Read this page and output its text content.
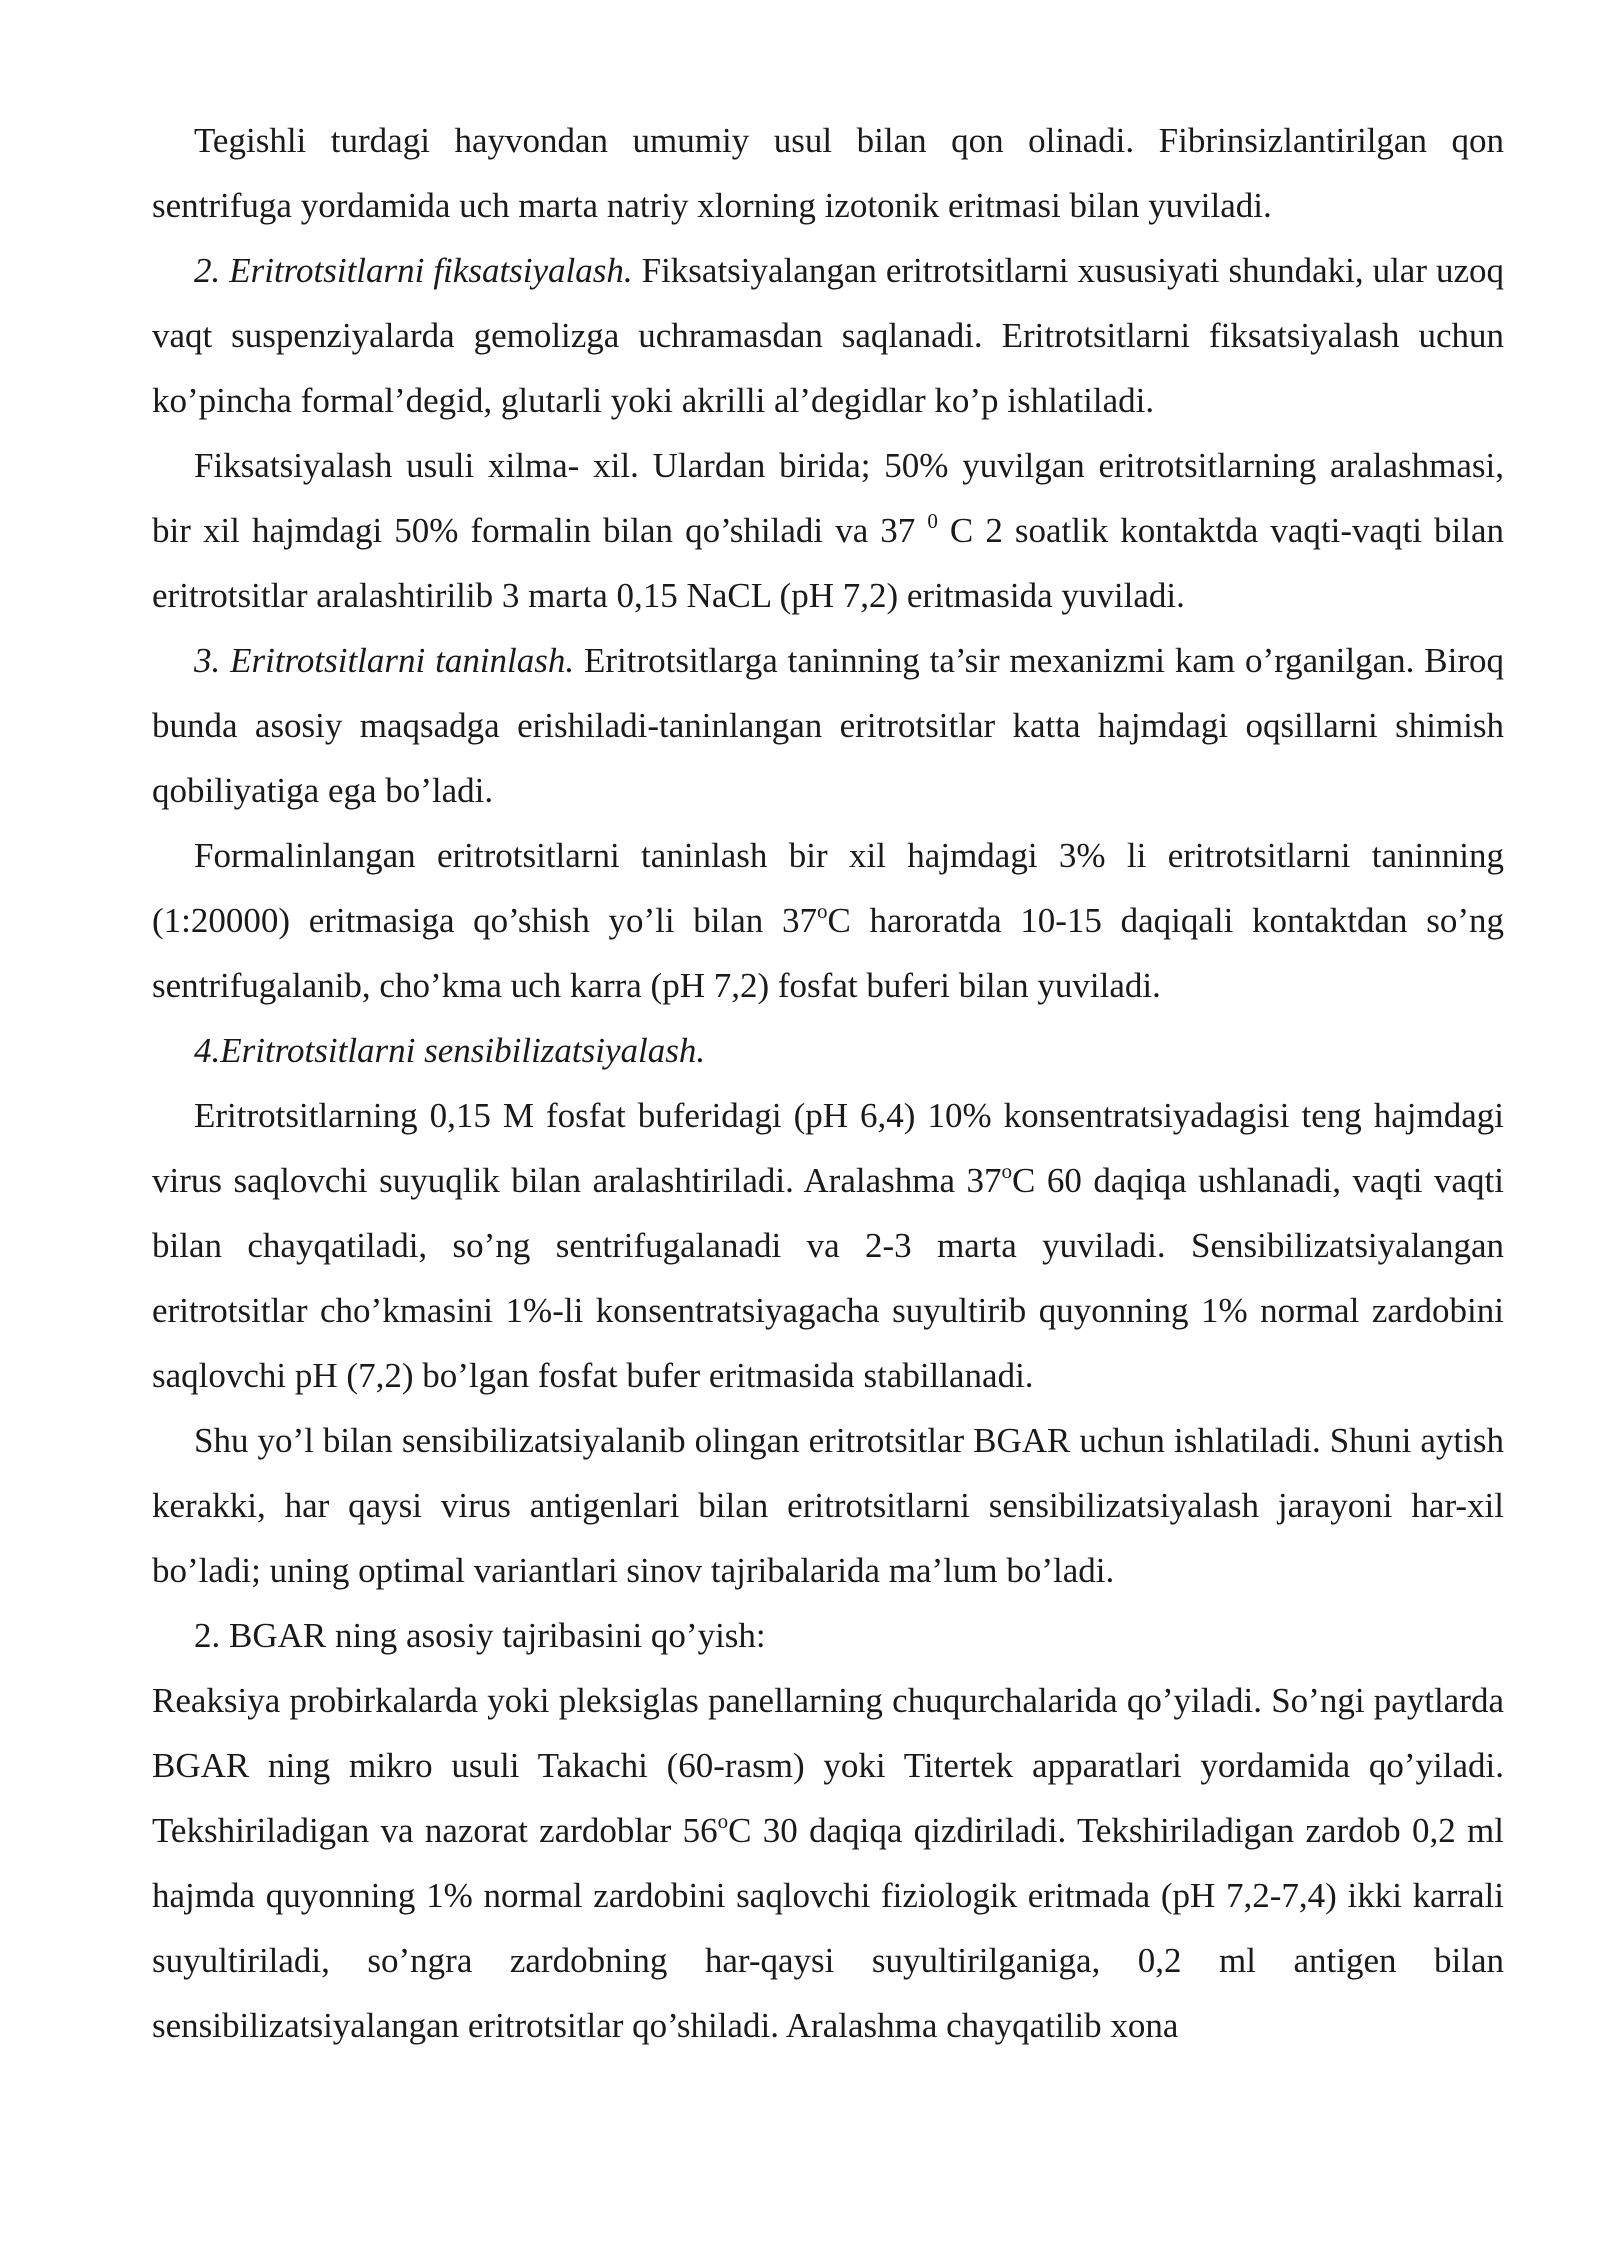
Tegishli turdagi hayvondan umumiy usul bilan qon olinadi. Fibrinsizlantirilgan qon sentrifuga yordamida uch marta natriy xlorning izotonik eritmasi bilan yuviladi.

2. Eritrotsitlarni fiksatsiyalash. Fiksatsiyalangan eritrotsitlarni xususiyati shundaki, ular uzoq vaqt suspenziyalarda gemolizga uchramasdan saqlanadi. Eritrotsitlarni fiksatsiyalash uchun ko’pincha formal’degid, glutarli yoki akrilli al’degidlar ko’p ishlatiladi.

Fiksatsiyalash usuli xilma- xil. Ulardan birida; 50% yuvilgan eritrotsitlarning aralashmasi, bir xil hajmdagi 50% formalin bilan qo’shiladi va 37 $^0$ C 2 soatlik kontaktda vaqti-vaqti bilan eritrotsitlar aralashtirilib 3 marta 0,15 NaCL (pH 7,2) eritmasida yuviladi.

3. Eritrotsitlarni taninlash. Eritrotsitlarga taninning ta’sir mexanizmi kam o’rganilgan. Biroq bunda asosiy maqsadga erishiladi-taninlangan eritrotsitlar katta hajmdagi oqsillarni shimish qobiliyatiga ega bo’ladi.

Formalinlangan eritrotsitlarni taninlash bir xil hajmdagi 3% li eritrotsitlarni taninning (1:20000) eritmasiga qo’shish yo’li bilan 37$^o$C haroratda 10-15 daqiqali kontaktdan so’ng sentrifugalanib, cho’kma uch karra (pH 7,2) fosfat buferi bilan yuviladi.

4.Eritrotsitlarni sensibilizatsiyalash.

Eritrotsitlarning 0,15 M fosfat buferidagi (pH 6,4) 10% konsentratsiyadagisi teng hajmdagi virus saqlovchi suyuqlik bilan aralashtiriladi. Aralashma 37$^o$C 60 daqiqa ushlanadi, vaqti vaqti bilan chayqatiladi, so’ng sentrifugalanadi va 2-3 marta yuviladi. Sensibilizatsiyalangan eritrotsitlar cho’kmasini 1%-li konsentratsiyagacha suyultirib quyonning 1% normal zardobini saqlovchi pH (7,2) bo’lgan fosfat bufer eritmasida stabillanadi.

Shu yo’l bilan sensibilizatsiyalanib olingan eritrotsitlar BGAR uchun ishlatiladi. Shuni aytish kerakki, har qaysi virus antigenlari bilan eritrotsitlarni sensibilizatsiyalash jarayoni har-xil bo’ladi; uning optimal variantlari sinov tajribalarida ma’lum bo’ladi.

2. BGAR ning asosiy tajribasini qo’yish:

Reaksiya probirkalarda yoki pleksiglas panellarning chuqurchalarida qo’yiladi. So’ngi paytlarda BGAR ning mikro usuli Takachi (60-rasm) yoki Titertek apparatlari yordamida qo’yiladi. Tekshiriladigan va nazorat zardoblar 56$^o$C 30 daqiqa qizdiriladi. Tekshiriladigan zardob 0,2 ml hajmda quyonning 1% normal zardobini saqlovchi fiziologik eritmada (pH 7,2-7,4) ikki karrali suyultiriladi, so’ngra zardobning har-qaysi suyultirilganiga, 0,2 ml antigen bilan sensibilizatsiyalangan eritrotsitlar qo’shiladi. Aralashma chayqatilib xona
